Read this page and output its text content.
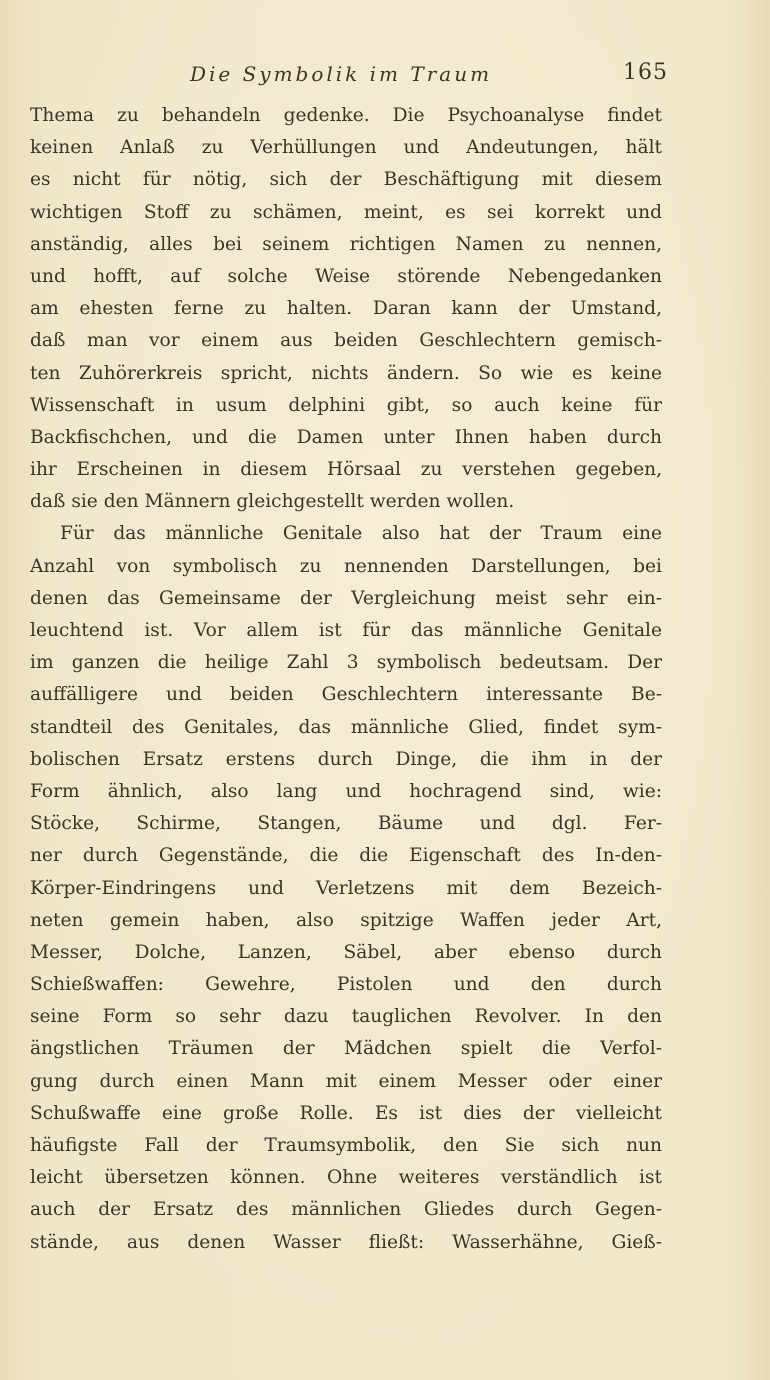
Die Symbolik im Traum	165
Thema zu behandeln gedenke. Die Psychoanalyse findet
keinen Anlaß zu Verhüllungen und Andeutungen, hält
es nicht für nötig, sich der Beschäftigung mit diesem
wichtigen Stoff zu schämen, meint, es sei korrekt und
anständig, alles bei seinem richtigen Namen zu nennen,
und hofft, auf solche Weise störende Nebengedanken
am ehesten ferne zu halten. Daran kann der Umstand,
daß man vor einem aus beiden Geschlechtern gemisch-
ten Zuhörerkreis spricht, nichts ändern. So wie es keine
Wissenschaft in usum delphini gibt, so auch keine für
Backfischchen, und die Damen unter Ihnen haben durch
ihr Erscheinen in diesem Hörsaal zu verstehen gegeben,
daß sie den Männern gleichgestellt werden wollen.
Für das männliche Genitale also hat der Traum eine
Anzahl von symbolisch zu nennenden Darstellungen, bei
denen das Gemeinsame der Vergleichung meist sehr ein-
leuchtend ist. Vor allem ist für das männliche Genitale
im ganzen die heilige Zahl 3 symbolisch bedeutsam. Der
auffälligere und beiden Geschlechtern interessante Be-
standteil des Genitales, das männliche Glied, findet sym-
bolischen Ersatz erstens durch Dinge, die ihm in der
Form ähnlich, also lang und hochragend sind, wie:
Stöcke, Schirme, Stangen, Bäume und dgl. Fer-
ner durch Gegenstände, die die Eigenschaft des In-den-
Körper-Eindringens und Verletzens mit dem Bezeich-
neten gemein haben, also spitzige Waffen jeder Art,
Messer, Dolche, Lanzen, Säbel, aber ebenso durch
Schießwaffen: Gewehre, Pistolen und den durch
seine Form so sehr dazu tauglichen Revolver. In den
ängstlichen Träumen der Mädchen spielt die Verfol-
gung durch einen Mann mit einem Messer oder einer
Schußwaffe eine große Rolle. Es ist dies der vielleicht
häufigste Fall der Traumsymbolik, den Sie sich nun
leicht übersetzen können. Ohne weiteres verständlich ist
auch der Ersatz des männlichen Gliedes durch Gegen-
stände, aus denen Wasser fließt: Wasserhähne, Gieß-
